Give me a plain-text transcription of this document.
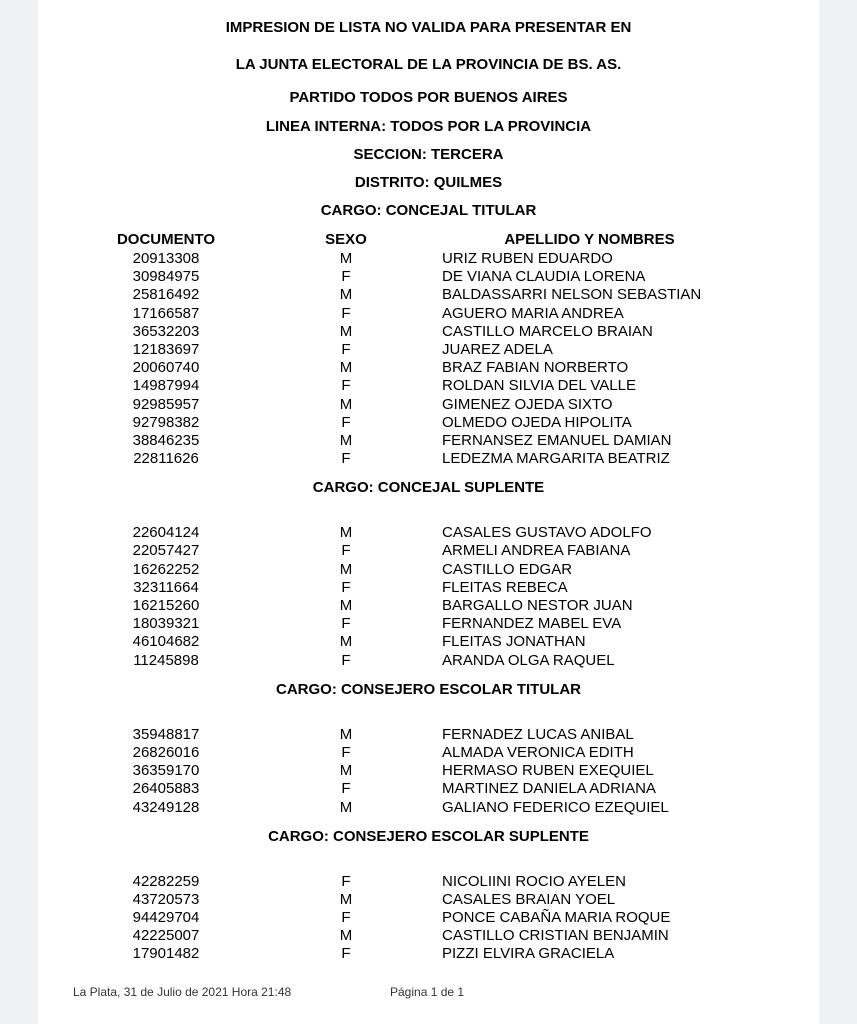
IMPRESION DE LISTA NO VALIDA PARA PRESENTAR EN
LA JUNTA ELECTORAL DE LA PROVINCIA DE BS. AS.
PARTIDO TODOS POR BUENOS AIRES
LINEA INTERNA: TODOS POR LA PROVINCIA
SECCION: TERCERA
DISTRITO: QUILMES
CARGO: CONCEJAL TITULAR
DOCUMENTO	SEXO	APELLIDO Y NOMBRES
20913308	M	URIZ RUBEN EDUARDO
30984975	F	DE VIANA CLAUDIA LORENA
25816492	M	BALDASSARRI NELSON SEBASTIAN
17166587	F	AGUERO MARIA ANDREA
36532203	M	CASTILLO MARCELO BRAIAN
12183697	F	JUAREZ ADELA
20060740	M	BRAZ FABIAN NORBERTO
14987994	F	ROLDAN SILVIA DEL VALLE
92985957	M	GIMENEZ OJEDA SIXTO
92798382	F	OLMEDO OJEDA HIPOLITA
38846235	M	FERNANSEZ EMANUEL DAMIAN
22811626	F	LEDEZMA MARGARITA BEATRIZ
CARGO: CONCEJAL SUPLENTE
22604124	M	CASALES GUSTAVO ADOLFO
22057427	F	ARMELI ANDREA FABIANA
16262252	M	CASTILLO EDGAR
32311664	F	FLEITAS REBECA
16215260	M	BARGALLO NESTOR JUAN
18039321	F	FERNANDEZ MABEL EVA
46104682	M	FLEITAS JONATHAN
11245898	F	ARANDA OLGA RAQUEL
CARGO: CONSEJERO ESCOLAR TITULAR
35948817	M	FERNADEZ LUCAS ANIBAL
26826016	F	ALMADA VERONICA EDITH
36359170	M	HERMASO RUBEN EXEQUIEL
26405883	F	MARTINEZ DANIELA ADRIANA
43249128	M	GALIANO FEDERICO EZEQUIEL
CARGO: CONSEJERO ESCOLAR SUPLENTE
42282259	F	NICOLIINI ROCIO AYELEN
43720573	M	CASALES BRAIAN YOEL
94429704	F	PONCE CABAÑA MARIA ROQUE
42225007	M	CASTILLO CRISTIAN BENJAMIN
17901482	F	PIZZI ELVIRA GRACIELA
La Plata, 31 de Julio de 2021 Hora 21:48	Página 1 de 1
